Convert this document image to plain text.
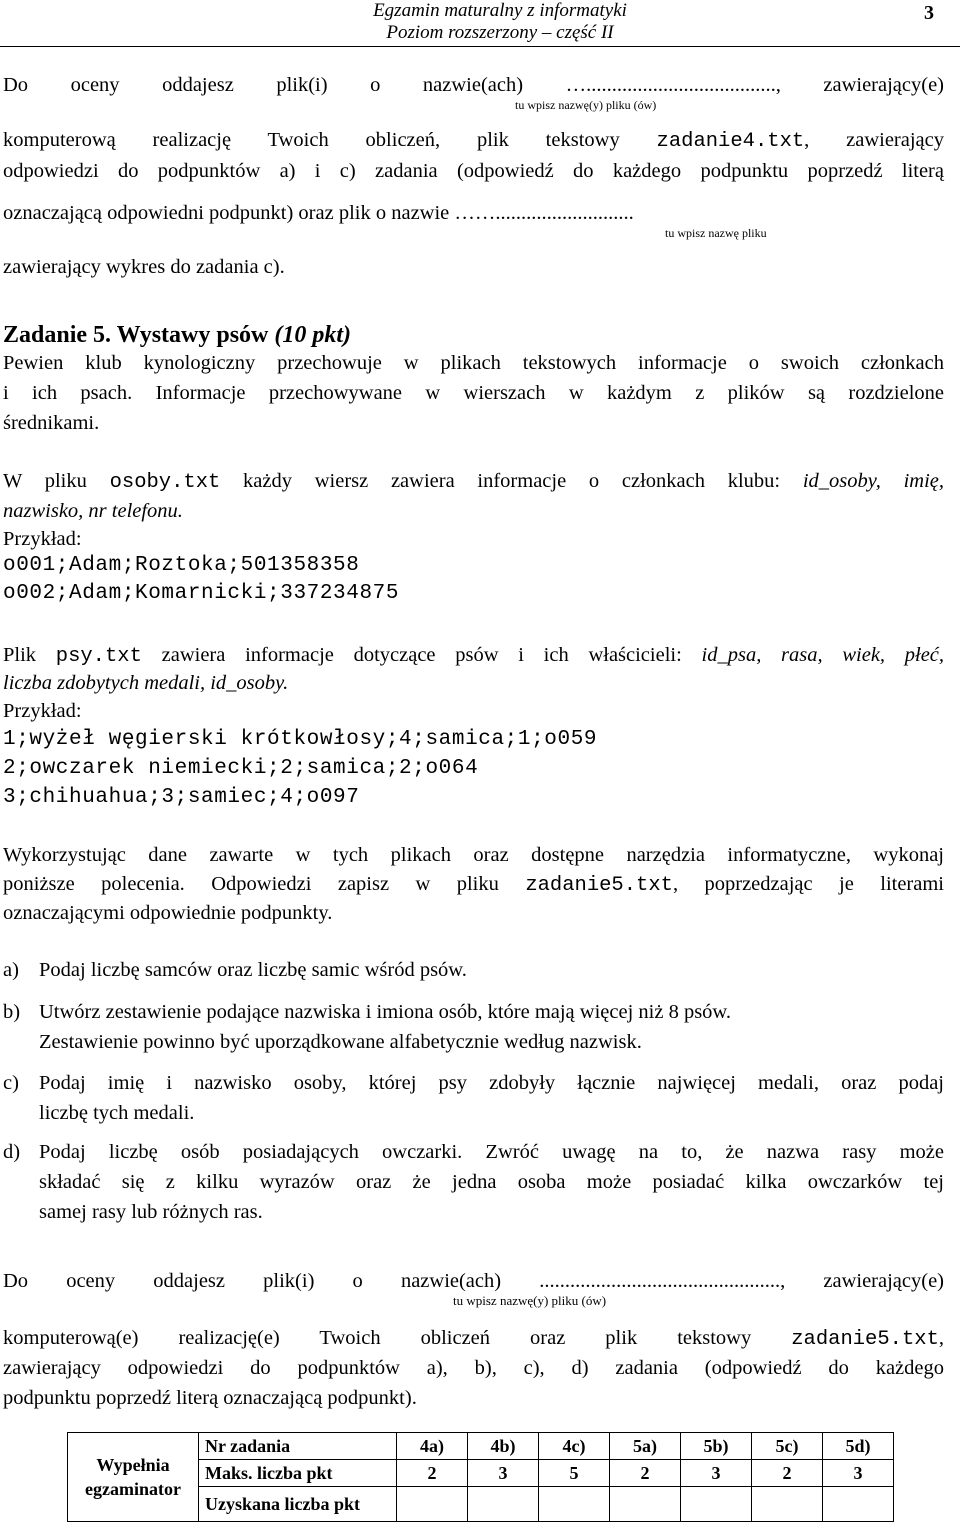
Egzamin maturalny z informatyki
Poziom rozszerzony – część II
3
Do oceny oddajesz plik(i) o nazwie(ach) …....................................., zawierający(e)
tu wpisz nazwę(y) pliku (ów)
komputerową realizację Twoich obliczeń, plik tekstowy zadanie4.txt, zawierający
odpowiedzi do podpunktów a) i c) zadania (odpowiedź do każdego podpunktu poprzedź literą
oznaczającą odpowiedni podpunkt) oraz plik o nazwie ……...........................
tu wpisz nazwę pliku
zawierający wykres do zadania c).
Zadanie 5. Wystawy psów (10 pkt)
Pewien klub kynologiczny przechowuje w plikach tekstowych informacje o swoich członkach
i ich psach. Informacje przechowywane w wierszach w każdym z plików są rozdzielone
średnikami.
W pliku osoby.txt każdy wiersz zawiera informacje o członkach klubu: id_osoby, imię,
nazwisko, nr telefonu.
Przykład:
o001;Adam;Roztoka;501358358
o002;Adam;Komarnicki;337234875
Plik psy.txt zawiera informacje dotyczące psów i ich właścicieli: id_psa, rasa, wiek, płeć,
liczba zdobytych medali, id_osoby.
Przykład:
1;wyżeł węgierski krótkowłosy;4;samica;1;o059
2;owczarek niemiecki;2;samica;2;o064
3;chihuahua;3;samiec;4;o097
Wykorzystując dane zawarte w tych plikach oraz dostępne narzędzia informatyczne, wykonaj
poniższe polecenia. Odpowiedzi zapisz w pliku zadanie5.txt, poprzedzając je literami
oznaczającymi odpowiednie podpunkty.
a) Podaj liczbę samców oraz liczbę samic wśród psów.
b) Utwórz zestawienie podające nazwiska i imiona osób, które mają więcej niż 8 psów.
Zestawienie powinno być uporządkowane alfabetycznie według nazwisk.
c) Podaj imię i nazwisko osoby, której psy zdobyły łącznie najwięcej medali, oraz podaj
liczbę tych medali.
d) Podaj liczbę osób posiadających owczarki. Zwróć uwagę na to, że nazwa rasy może
składać się z kilku wyrazów oraz że jedna osoba może posiadać kilka owczarków tej
samej rasy lub różnych ras.
Do oceny oddajesz plik(i) o nazwie(ach) ..............................................., zawierający(e)
tu wpisz nazwę(y) pliku (ów)
komputerową(e) realizację(e) Twoich obliczeń oraz plik tekstowy zadanie5.txt,
zawierający odpowiedzi do podpunktów a), b), c), d) zadania (odpowiedź do każdego
podpunktu poprzedź literą oznaczającą podpunkt).
Wypełnia
egzaminator	Nr zadania	4a)	4b)	4c)	5a)	5b)	5c)	5d)
	Maks. liczba pkt	2	3	5	2	3	2	3
	Uzyskana liczba pkt							
